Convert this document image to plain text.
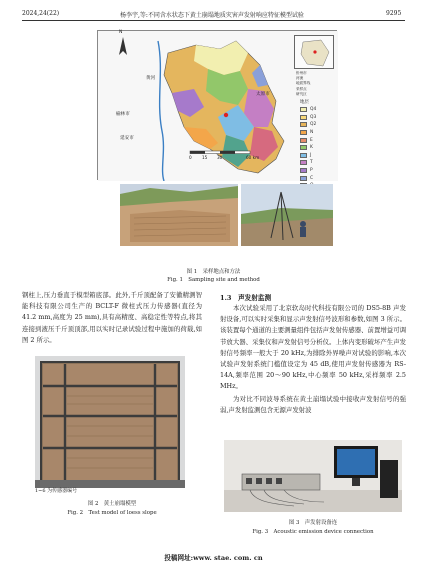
2024,24(22)	杨李宇,等:不同含水状态下黄土崩塌地质灾害声发射响应特征模型试验	9295
N
榆林市
延安市
太原市
黄河
0 15 30	60 km
忻州市
河流
地质界线
采样点
研究区
地层
Q4
Q3
Q2
N
E
K
J
T
P
C
图 1　采样地点和方法
Fig. 1　Sampling site and method

钢柱上,压力垂直于模型箱底部。此外,千斤顶配备了安徽精测智能科技有限公司生产的 BCLT-F 微柱式压力传感器(直径为 41.2 mm,高度为 25 mm),具有高精度、高稳定性等特点,将其连接到液压千斤顶顶部,用以实时记录试验过程中施加的荷载,如图 2 所示。

1~6 为传感器编号
图 2　黄土崩塌模型
Fig. 2　Test model of loess slope
1.3　声发射监测

本次试验采用了北京软岛时代科技有限公司的 DS5-8B 声发射设备,可以实时采集和显示声发射信号波形和参数,如图 3 所示。该装置每个通道的主要测量组件包括声发射传感器、前置增益可调节放大器、采集仪和声发射信号分析仪。上体内变形破坏产生声发射信号频率一般大于 20 kHz,为排除外界噪声对试验的影响,本次试验声发射系统门槛值设定为 45 dB,使用声发射传感器为 RS-14A,频率范围 20～90 kHz,中心频率 50 kHz,采样频率 2.5 MHz。

为对比不同波导系统在黄土崩塌试验中接收声发射信号的强弱,声发射监测包含无源声发射波

图 3　声发射设备连
Fig. 3　Acoustic emission device connection
投稿网址:www. stae. com. cn
